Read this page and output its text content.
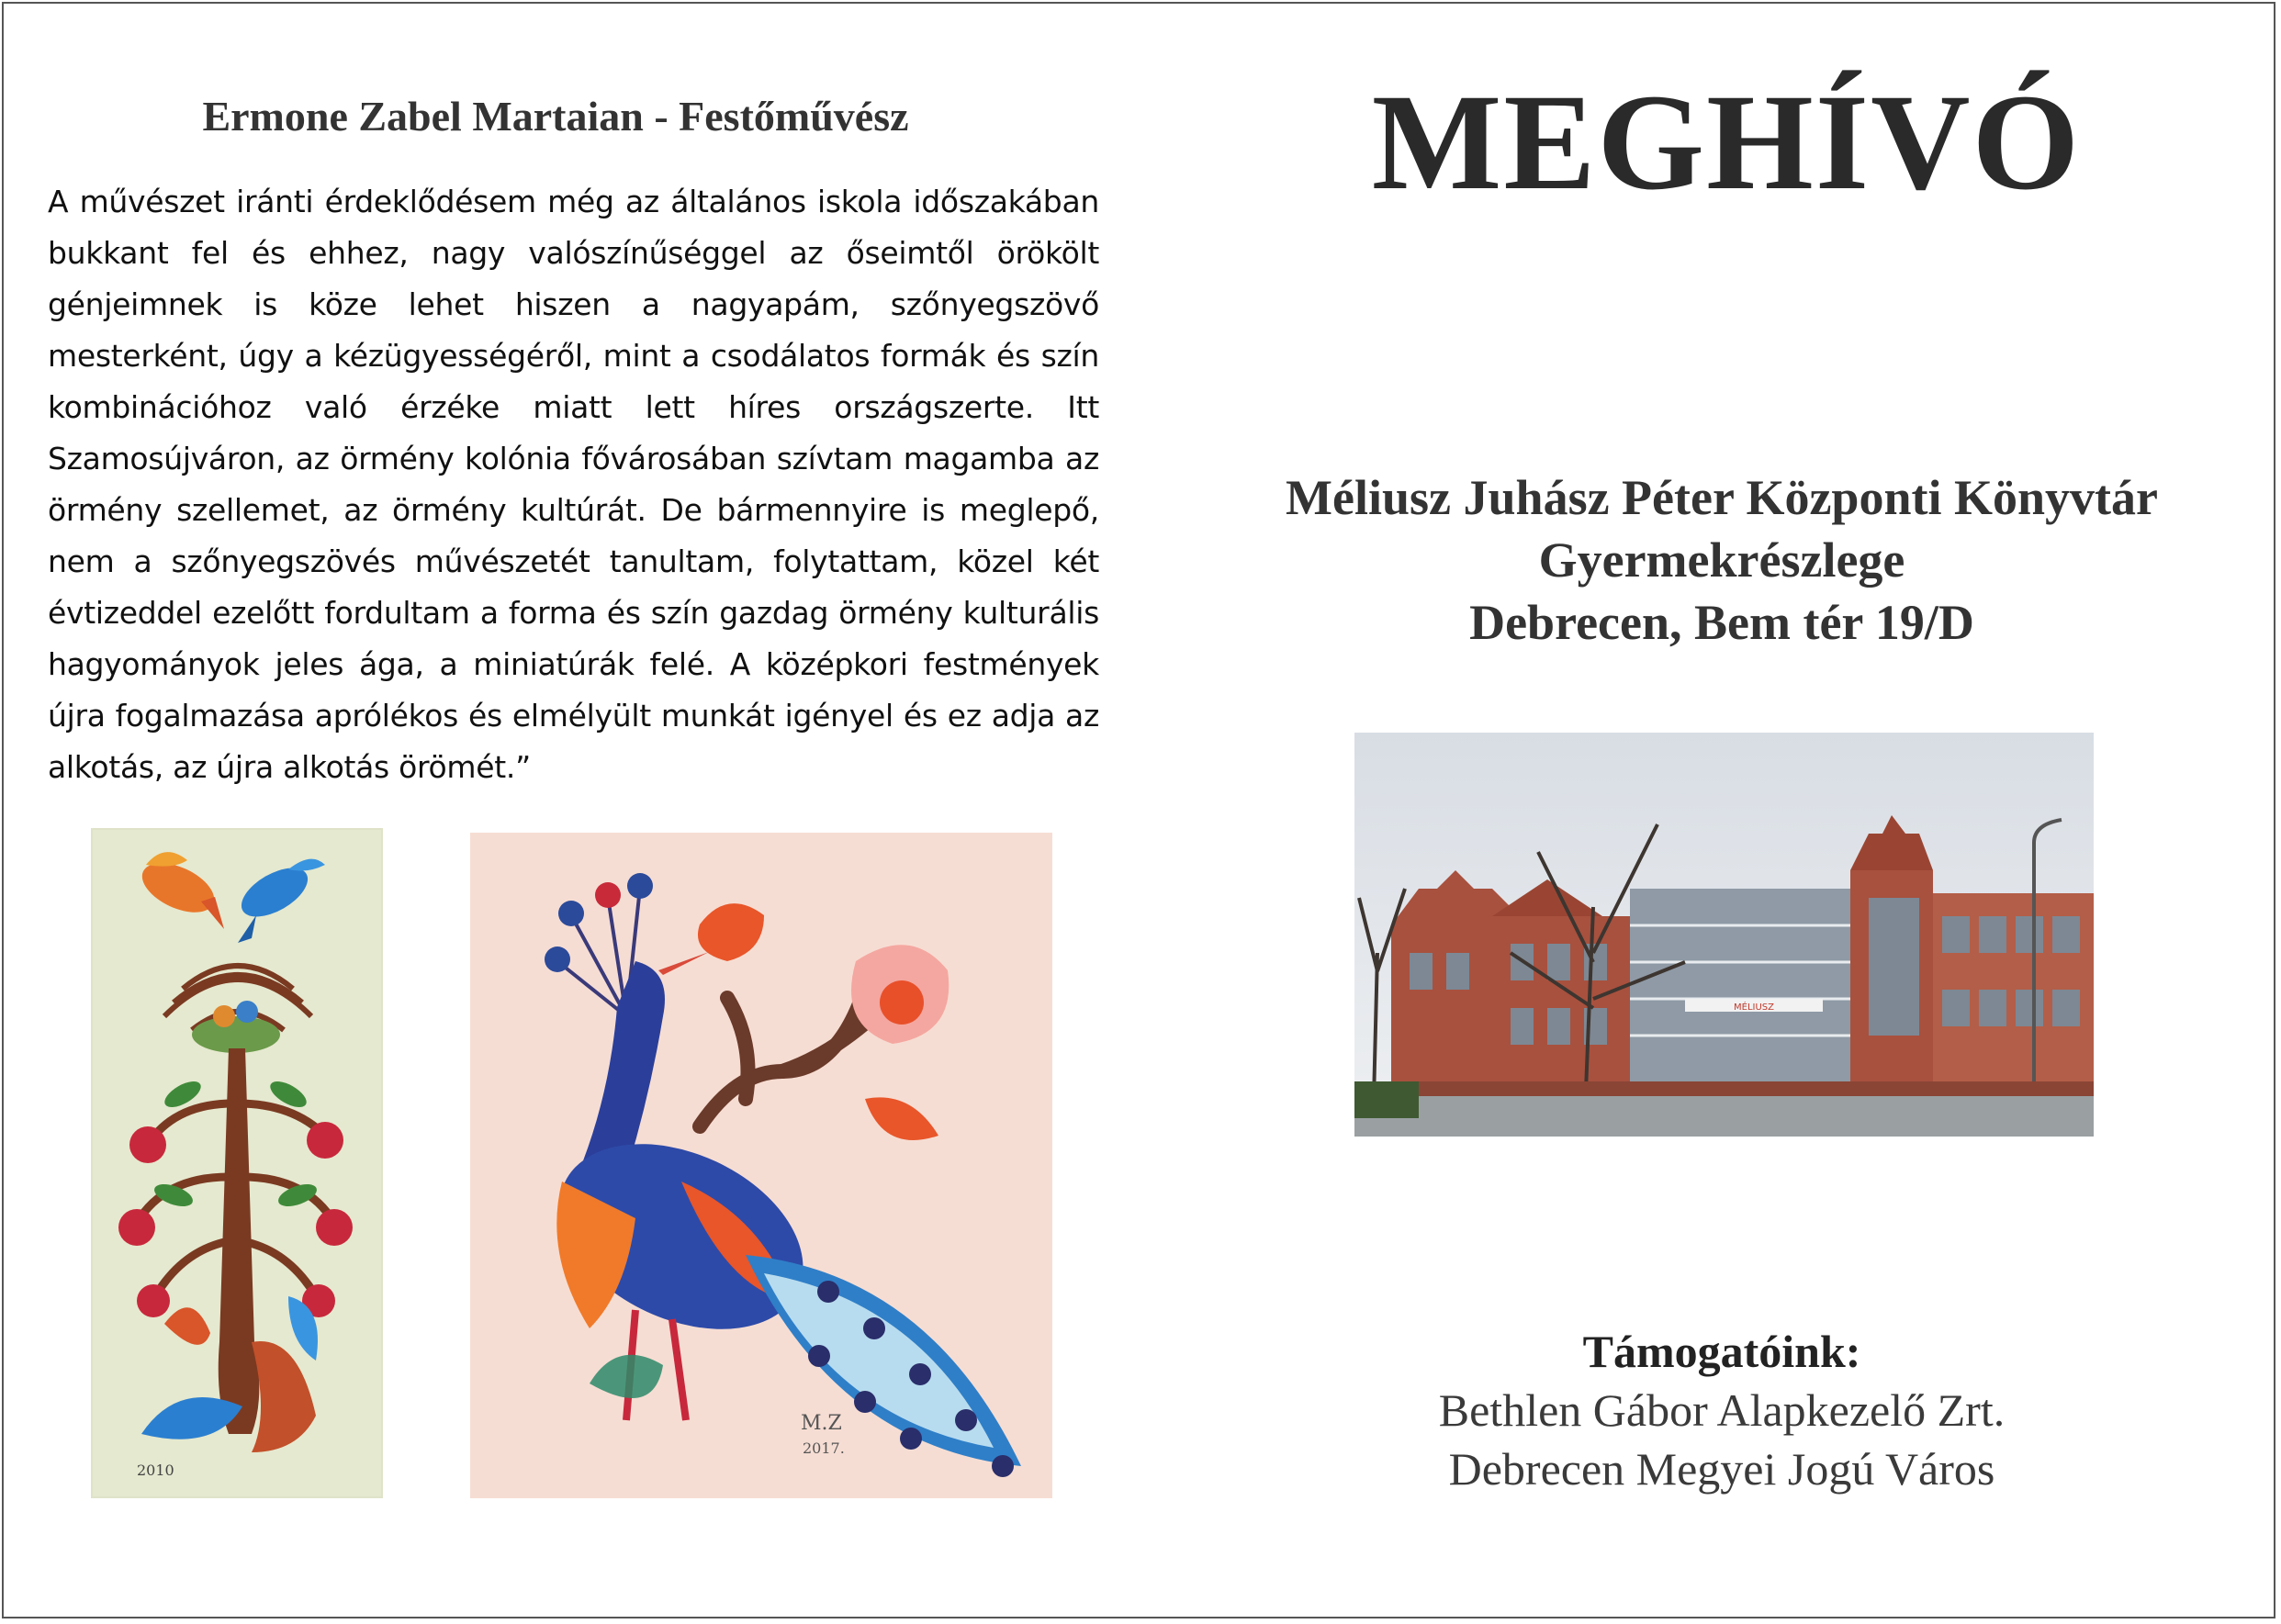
Ermone Zabel Martaian - Festőművész

A művészet iránti érdeklődésem még az általános iskola időszakában bukkant fel és ehhez, nagy valószínűséggel az őseimtől örökölt génjeimnek is köze lehet hiszen a nagyapám, szőnyegszövő mesterként, úgy a kézügyességéről, mint a csodálatos formák és szín kombinációhoz való érzéke miatt lett híres országszerte. Itt Szamosújváron, az örmény kolónia fővárosában szívtam magamba az örmény szellemet, az örmény kultúrát. De bármennyire is meglepő, nem a szőnyegszövés művészetét tanultam, folytattam, közel két évtizeddel ezelőtt fordultam a forma és szín gazdag örmény kulturális hagyományok jeles ága, a miniatúrák felé. A középkori festmények újra fogalmazása aprólékos és elmélyült munkát igényel és ez adja az alkotás, az újra alkotás örömét.”

2010
M.Z
2017.
MEGHÍVÓ
Méliusz Juhász Péter Központi Könyvtár
Gyermekrészlege
Debrecen, Bem tér 19/D
MÉLIUSZ
Támogatóink:
Bethlen Gábor Alapkezelő Zrt.
Debrecen Megyei Jogú Város
